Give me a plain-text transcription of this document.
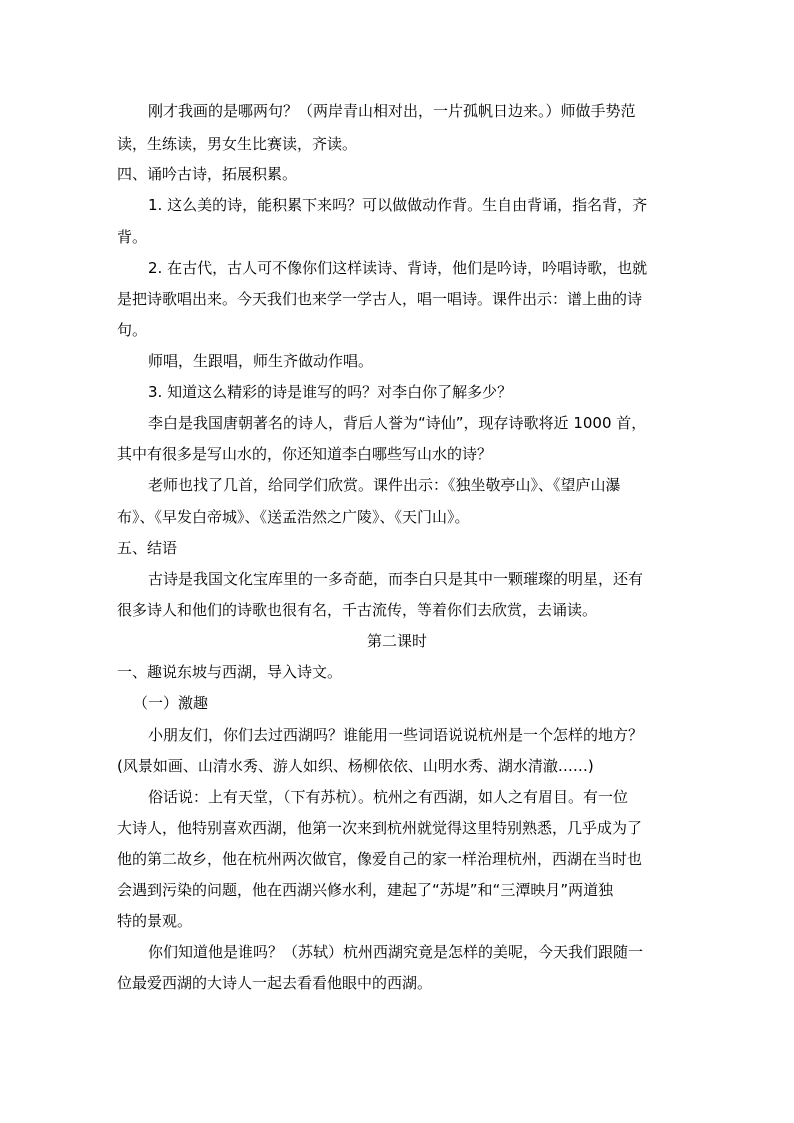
刚才我画的是哪两句？（两岸青山相对出，一片孤帆日边来。）师做手势范
读，生练读，男女生比赛读，齐读。
四、诵吟古诗，拓展积累。
1. 这么美的诗，能积累下来吗？可以做做动作背。生自由背诵，指名背，齐
背。
2. 在古代，古人可不像你们这样读诗、背诗，他们是吟诗，吟唱诗歌，也就
是把诗歌唱出来。今天我们也来学一学古人，唱一唱诗。课件出示：谱上曲的诗
句。
师唱，生跟唱，师生齐做动作唱。
3. 知道这么精彩的诗是谁写的吗？对李白你了解多少？
李白是我国唐朝著名的诗人，背后人誉为“诗仙”，现存诗歌将近 1000 首，
其中有很多是写山水的，你还知道李白哪些写山水的诗？
老师也找了几首，给同学们欣赏。课件出示：《独坐敬亭山》、《望庐山瀑
布》、《早发白帝城》、《送孟浩然之广陵》、《天门山》。
五、结语
古诗是我国文化宝库里的一多奇葩，而李白只是其中一颗璀璨的明星，还有
很多诗人和他们的诗歌也很有名，千古流传，等着你们去欣赏，去诵读。
第二课时
一、趣说东坡与西湖，导入诗文。
（一）激趣
小朋友们，你们去过西湖吗？谁能用一些词语说说杭州是一个怎样的地方？
(风景如画、山清水秀、游人如织、杨柳依依、山明水秀、湖水清澈……)
俗话说：上有天堂，（下有苏杭）。杭州之有西湖，如人之有眉目。有一位
大诗人，他特别喜欢西湖，他第一次来到杭州就觉得这里特别熟悉，几乎成为了
他的第二故乡，他在杭州两次做官，像爱自己的家一样治理杭州，西湖在当时也
会遇到污染的问题，他在西湖兴修水利，建起了“苏堤”和“三潭映月”两道独
特的景观。
你们知道他是谁吗？（苏轼）杭州西湖究竟是怎样的美呢，今天我们跟随一
位最爱西湖的大诗人一起去看看他眼中的西湖。
